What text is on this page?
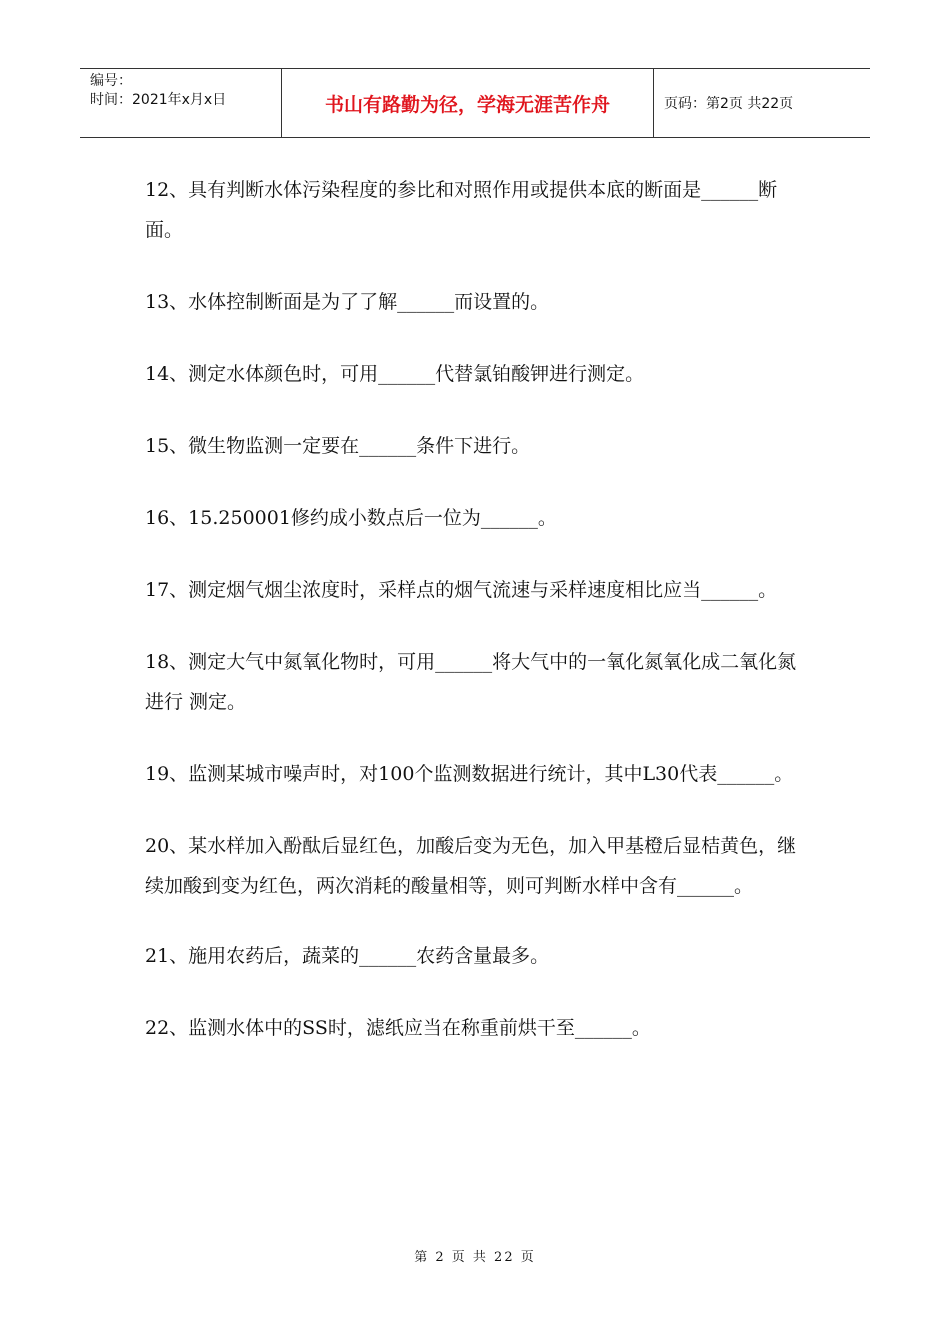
编号：
时间：2021年x月x日	书山有路勤为径，学海无涯苦作舟	页码：第2页 共22页

12、具有判断水体污染程度的参比和对照作用或提供本底的断面是______断面。

13、水体控制断面是为了了解______而设置的。

14、测定水体颜色时，可用______代替氯铂酸钾进行测定。

15、微生物监测一定要在______条件下进行。

16、15.250001修约成小数点后一位为______。

17、测定烟气烟尘浓度时，采样点的烟气流速与采样速度相比应当______。

18、测定大气中氮氧化物时，可用______将大气中的一氧化氮氧化成二氧化氮进行 测定。

19、监测某城市噪声时，对100个监测数据进行统计，其中L30代表______。

20、某水样加入酚酞后显红色，加酸后变为无色，加入甲基橙后显桔黄色，继续加酸到变为红色，两次消耗的酸量相等，则可判断水样中含有______。

21、施用农药后，蔬菜的______农药含量最多。

22、监测水体中的SS时，滤纸应当在称重前烘干至______。

第 2 页 共 22 页
